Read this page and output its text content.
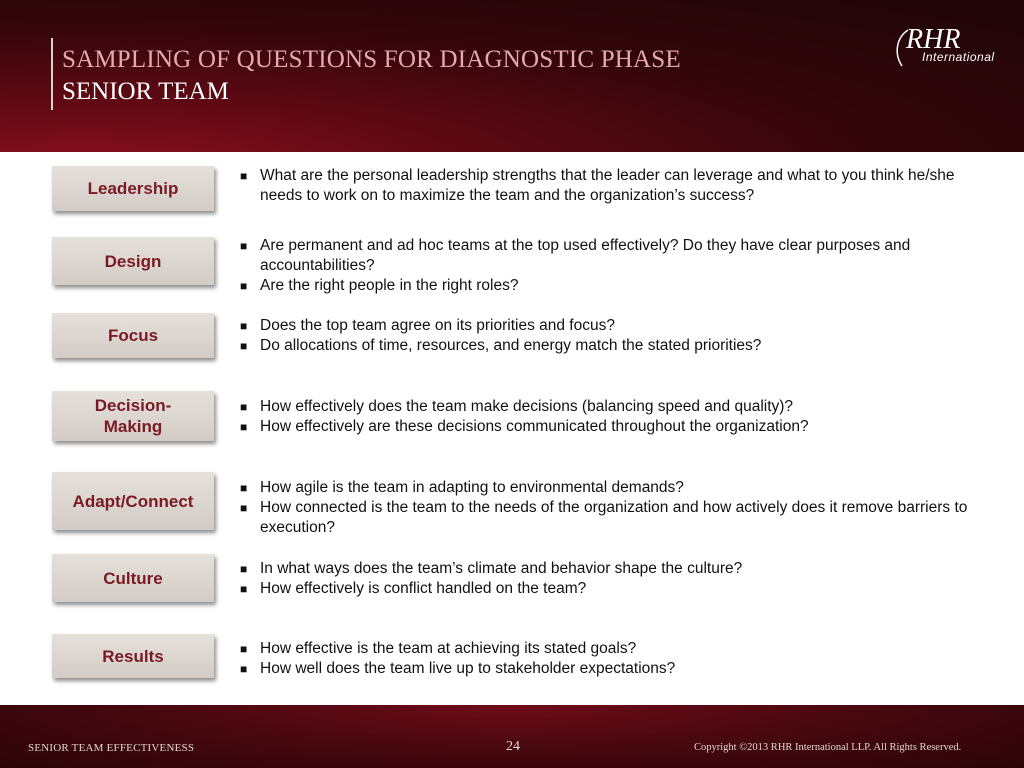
SAMPLING OF QUESTIONS FOR DIAGNOSTIC PHASE
SENIOR TEAM
RHR
International
Leadership
■ What are the personal leadership strengths that the leader can leverage and what to you think he/she needs to work on to maximize the team and the organization’s success?
Design
■ Are permanent and ad hoc teams at the top used effectively? Do they have clear purposes and accountabilities?
■ Are the right people in the right roles?
Focus	■ Does the top team agree on its priorities and focus?
■ Do allocations of time, resources, and energy match the stated priorities?
Decision-
Making
■ How effectively does the team make decisions (balancing speed and quality)?
■ How effectively are these decisions communicated throughout the organization?
Adapt/Connect
■ How agile is the team in adapting to environmental demands?
■ How connected is the team to the needs of the organization and how actively does it remove barriers to execution?
Culture	■ In what ways does the team’s climate and behavior shape the culture?
■ How effectively is conflict handled on the team?
Results	■ How effective is the team at achieving its stated goals?
■ How well does the team live up to stakeholder expectations?
SENIOR TEAM EFFECTIVENESS	24	Copyright ©2013 RHR International LLP. All Rights Reserved.
